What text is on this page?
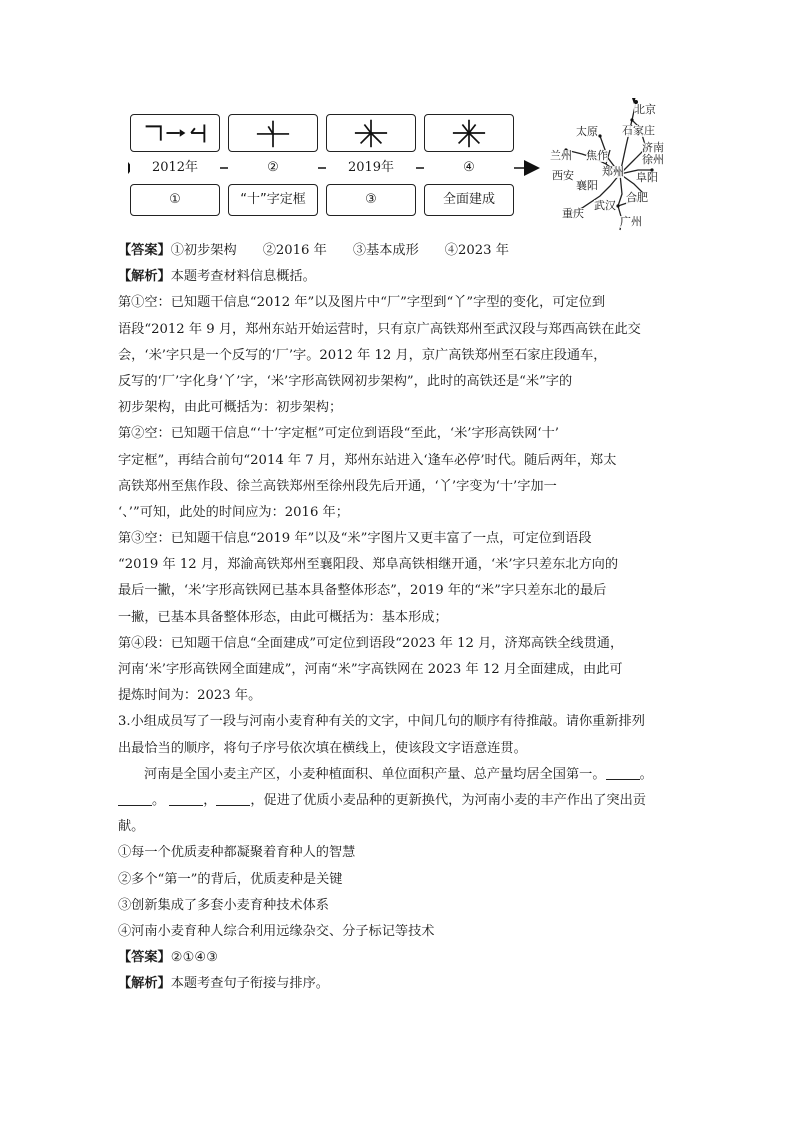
2012年	②	2019年	④
①	“十”字定框	③	全面建成
北京
太原 石家庄
兰州 焦作
济南
徐州
西安	郑州 阜阳
襄阳
合肥
武汉
重庆
广州
【答案】①初步架构 ②2016 年 ③基本成形 ④2023 年
【解析】本题考查材料信息概括。
第①空：已知题干信息“2012 年”以及图片中“厂”字型到“丫”字型的变化，可定位到
语段“2012 年 9 月，郑州东站开始运营时，只有京广高铁郑州至武汉段与郑西高铁在此交
会，‘米’字只是一个反写的‘厂’字。2012 年 12 月，京广高铁郑州至石家庄段通车，
反写的‘厂’字化身‘丫’字，‘米’字形高铁网初步架构”，此时的高铁还是“米”字的
初步架构，由此可概括为：初步架构；
第②空：已知题干信息“‘十’字定框”可定位到语段“至此，‘米’字形高铁网‘十’
字定框”，再结合前句“2014 年 7 月，郑州东站进入‘逢车必停’时代。随后两年，郑太
高铁郑州至焦作段、徐兰高铁郑州至徐州段先后开通，‘丫’字变为‘十’字加一
‘、’”可知，此处的时间应为：2016 年；
第③空：已知题干信息“2019 年”以及“米”字图片又更丰富了一点，可定位到语段
“2019 年 12 月，郑渝高铁郑州至襄阳段、郑阜高铁相继开通，‘米’字只差东北方向的
最后一撇，‘米’字形高铁网已基本具备整体形态”，2019 年的“米”字只差东北的最后
一撇，已基本具备整体形态，由此可概括为：基本形成；
第④段：已知题干信息“全面建成”可定位到语段“2023 年 12 月，济郑高铁全线贯通，
河南‘米’字形高铁网全面建成”，河南“米”字高铁网在 2023 年 12 月全面建成，由此可
提炼时间为：2023 年。
3.小组成员写了一段与河南小麦育种有关的文字，中间几句的顺序有待推敲。请你重新排列
出最恰当的顺序，将句子序号依次填在横线上，使该段文字语意连贯。
河南是全国小麦主产区，小麦种植面积、单位面积产量、总产量均居全国第一。	。
。	，	，促进了优质小麦品种的更新换代，为河南小麦的丰产作出了突出贡
献。
①每一个优质麦种都凝聚着育种人的智慧
②多个“第一”的背后，优质麦种是关键
③创新集成了多套小麦育种技术体系
④河南小麦育种人综合利用远缘杂交、分子标记等技术
【答案】②①④③
【解析】本题考查句子衔接与排序。
